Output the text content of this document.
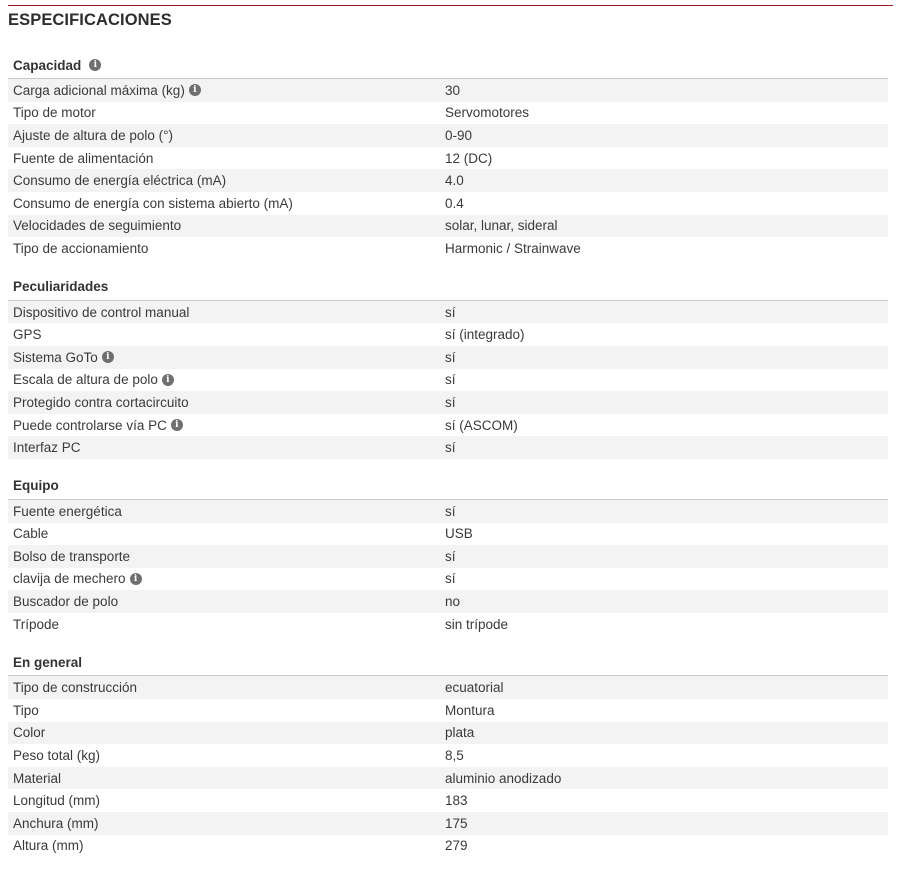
ESPECIFICACIONES
Capacidad	i
Carga adicional máxima (kg) i	30
Tipo de motor	Servomotores
Ajuste de altura de polo (°)	0-90
Fuente de alimentación	12 (DC)
Consumo de energía eléctrica (mA)	4.0
Consumo de energía con sistema abierto (mA)	0.4
Velocidades de seguimiento	solar, lunar, sideral
Tipo de accionamiento	Harmonic / Strainwave
Peculiaridades
Dispositivo de control manual	sí
GPS	sí (integrado)
Sistema GoTo i	sí
Escala de altura de polo i	sí
Protegido contra cortacircuito	sí
Puede controlarse vía PC i	sí (ASCOM)
Interfaz PC	sí
Equipo
Fuente energética	sí
Cable	USB
Bolso de transporte	sí
clavija de mechero i	sí
Buscador de polo	no
Trípode	sin trípode
En general
Tipo de construcción	ecuatorial
Tipo	Montura
Color	plata
Peso total (kg)	8,5
Material	aluminio anodizado
Longitud (mm)	183
Anchura (mm)	175
Altura (mm)	279
